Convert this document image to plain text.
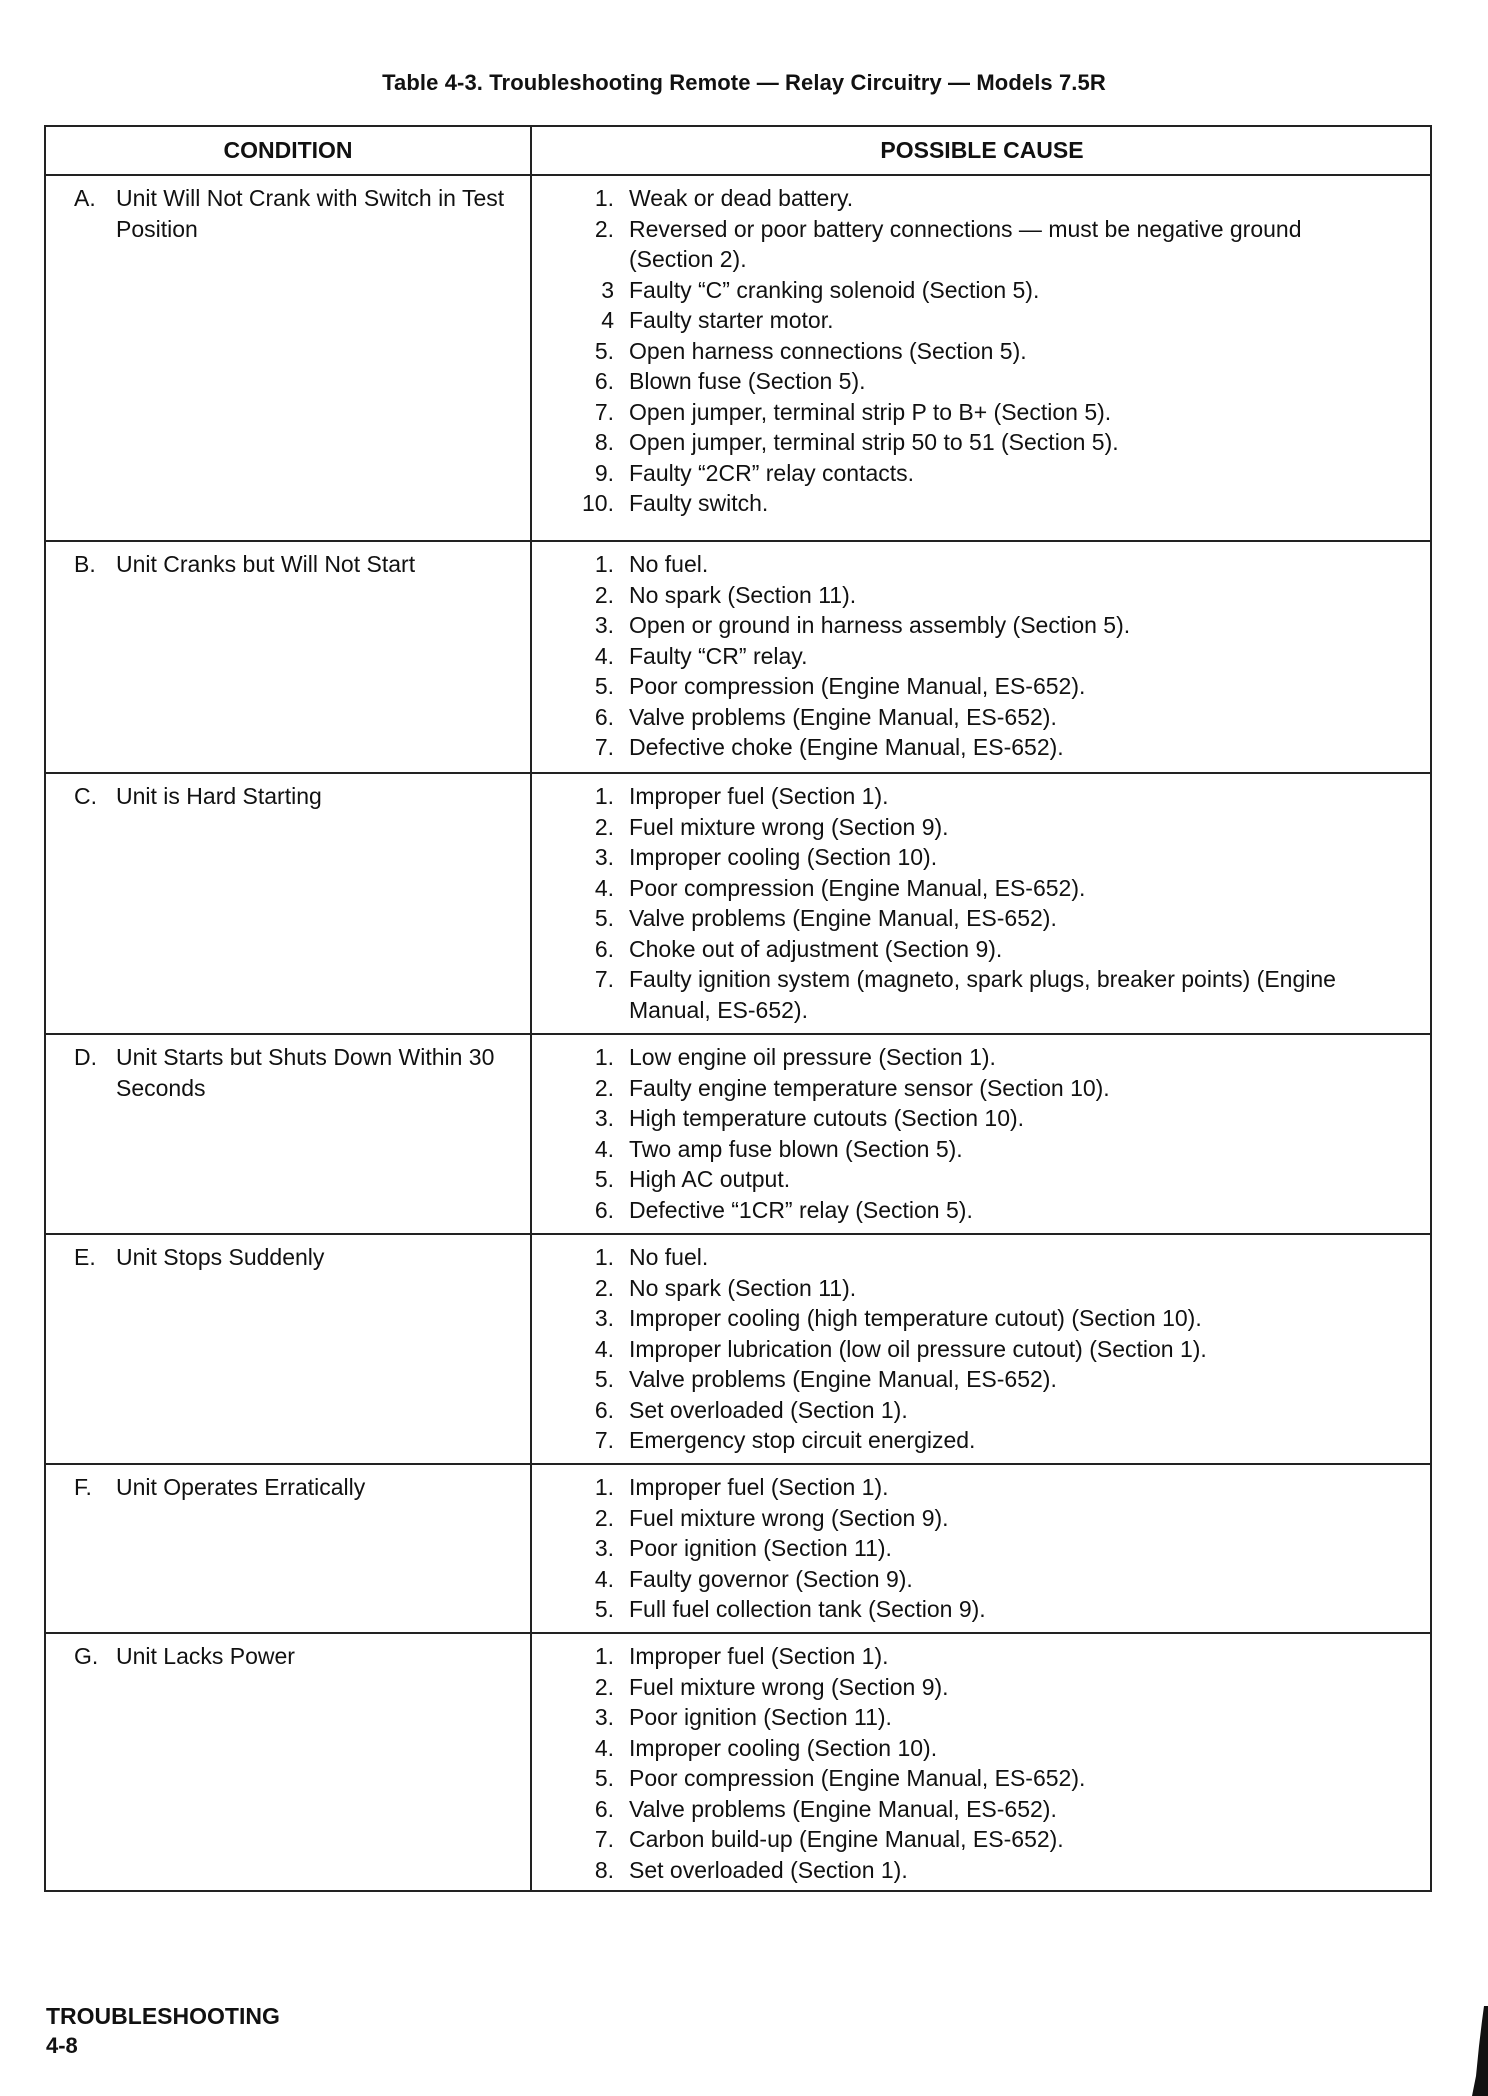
Table 4-3. Troubleshooting Remote — Relay Circuitry — Models 7.5R
CONDITION	POSSIBLE CAUSE
A. Unit Will Not Crank with Switch in Test Position
1. Weak or dead battery.
2. Reversed or poor battery connections — must be negative ground (Section 2).
3 Faulty “C” cranking solenoid (Section 5).
4 Faulty starter motor.
5. Open harness connections (Section 5).
6. Blown fuse (Section 5).
7. Open jumper, terminal strip P to B+ (Section 5).
8. Open jumper, terminal strip 50 to 51 (Section 5).
9. Faulty “2CR” relay contacts.
10. Faulty switch.
B. Unit Cranks but Will Not Start	1. No fuel.
2. No spark (Section 11).
3. Open or ground in harness assembly (Section 5).
4. Faulty “CR” relay.
5. Poor compression (Engine Manual, ES-652).
6. Valve problems (Engine Manual, ES-652).
7. Defective choke (Engine Manual, ES-652).
C. Unit is Hard Starting	1. Improper fuel (Section 1).
2. Fuel mixture wrong (Section 9).
3. Improper cooling (Section 10).
4. Poor compression (Engine Manual, ES-652).
5. Valve problems (Engine Manual, ES-652).
6. Choke out of adjustment (Section 9).
7. Faulty ignition system (magneto, spark plugs, breaker points) (Engine Manual, ES-652).
D. Unit Starts but Shuts Down Within 30 Seconds
1. Low engine oil pressure (Section 1).
2. Faulty engine temperature sensor (Section 10).
3. High temperature cutouts (Section 10).
4. Two amp fuse blown (Section 5).
5. High AC output.
6. Defective “1CR” relay (Section 5).
E. Unit Stops Suddenly	1. No fuel.
2. No spark (Section 11).
3. Improper cooling (high temperature cutout) (Section 10).
4. Improper lubrication (low oil pressure cutout) (Section 1).
5. Valve problems (Engine Manual, ES-652).
6. Set overloaded (Section 1).
7. Emergency stop circuit energized.
F. Unit Operates Erratically	1. Improper fuel (Section 1).
2. Fuel mixture wrong (Section 9).
3. Poor ignition (Section 11).
4. Faulty governor (Section 9).
5. Full fuel collection tank (Section 9).
G. Unit Lacks Power	1. Improper fuel (Section 1).
2. Fuel mixture wrong (Section 9).
3. Poor ignition (Section 11).
4. Improper cooling (Section 10).
5. Poor compression (Engine Manual, ES-652).
6. Valve problems (Engine Manual, ES-652).
7. Carbon build-up (Engine Manual, ES-652).
8. Set overloaded (Section 1).
TROUBLESHOOTING
4-8
